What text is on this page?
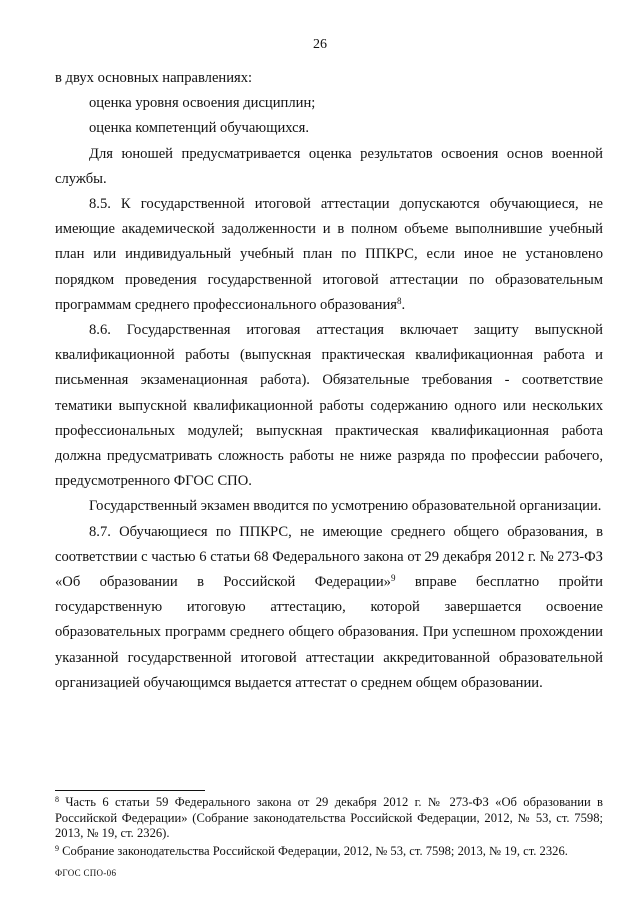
26

в двух основных направлениях:

оценка уровня освоения дисциплин;

оценка компетенций обучающихся.

Для юношей предусматривается оценка результатов освоения основ военной службы.

8.5. К государственной итоговой аттестации допускаются обучающиеся, не имеющие академической задолженности и в полном объеме выполнившие учебный план или индивидуальный учебный план по ППКРС, если иное не установлено порядком проведения государственной итоговой аттестации по образовательным программам среднего профессионального образования$^8$.

8.6. Государственная итоговая аттестация включает защиту выпускной квалификационной работы (выпускная практическая квалификационная работа и письменная экзаменационная работа). Обязательные требования - соответствие тематики выпускной квалификационной работы содержанию одного или нескольких профессиональных модулей; выпускная практическая квалификационная работа должна предусматривать сложность работы не ниже разряда по профессии рабочего, предусмотренного ФГОС СПО.

Государственный экзамен вводится по усмотрению образовательной организации.

8.7. Обучающиеся по ППКРС, не имеющие среднего общего образования, в соответствии с частью 6 статьи 68 Федерального закона от 29 декабря 2012 г. № 273-ФЗ «Об образовании в Российской Федерации»$^9$ вправе бесплатно пройти государственную итоговую аттестацию, которой завершается освоение образовательных программ среднего общего образования. При успешном прохождении указанной государственной итоговой аттестации аккредитованной образовательной организацией обучающимся выдается аттестат о среднем общем образовании.

$^8$ Часть 6 статьи 59 Федерального закона от 29 декабря 2012 г. № 273-ФЗ «Об образовании в Российской Федерации» (Собрание законодательства Российской Федерации, 2012, № 53, ст. 7598; 2013, № 19, ст. 2326).

$^9$ Собрание законодательства Российской Федерации, 2012, № 53, ст. 7598; 2013, № 19, ст. 2326.

ФГОС СПО-06
